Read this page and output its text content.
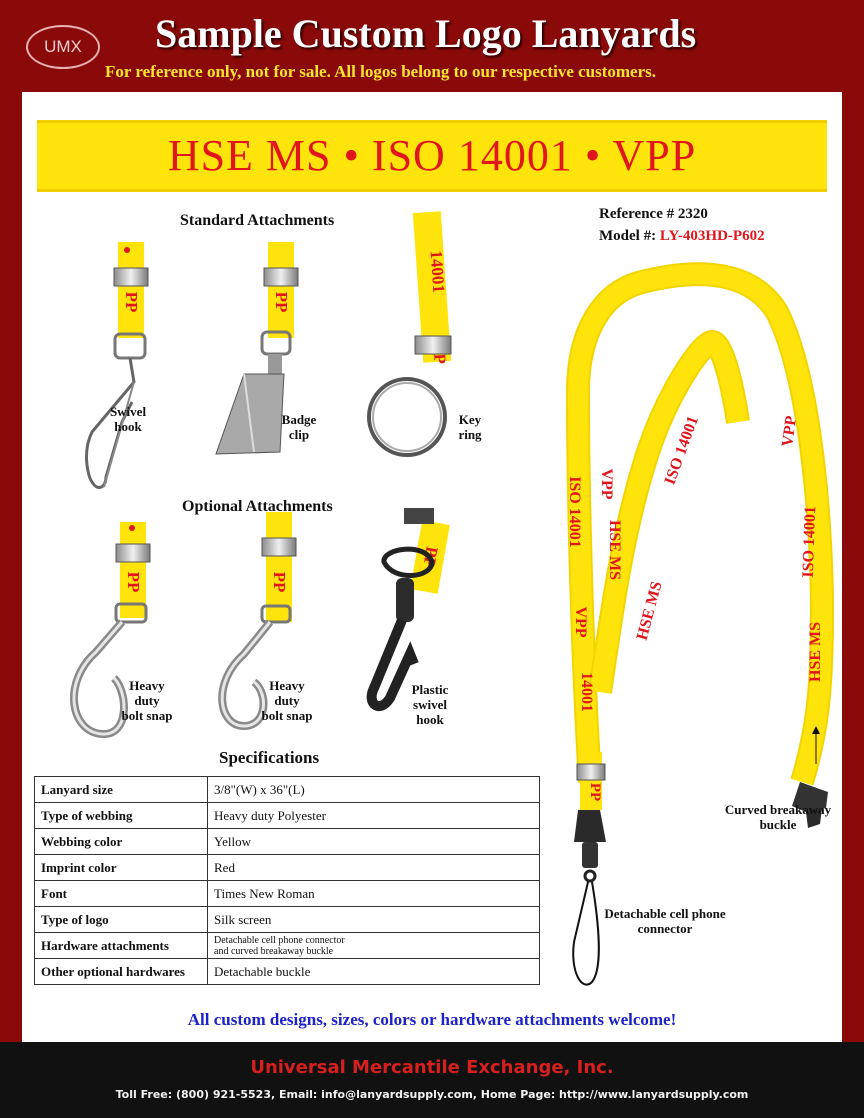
UMX	Sample Custom Logo Lanyards
For reference only, not for sale. All logos belong to our respective customers.
HSE MS • ISO 14001 • VPP
PP	PP
14001
PP	PP
PP
ISO 14001
VPP
14001
VPP
HSE MS
HSE MS
ISO 14001	VPP
ISO 14001
HSE MS
PP
Standard Attachments
Swivel
hook	Badge
clip
Key
ring
Optional Attachments
Heavy
duty
bolt snap
Heavy
duty
bolt snap
Plastic
swivel
hook
Reference # 2320
Model #: LY-403HD-P602
Curved breakaway
buckle
Detachable cell phone
connector
Specifications
Lanyard size	3/8"(W) x 36"(L)
Type of webbing	Heavy duty Polyester
Webbing color	Yellow
Imprint color	Red
Font	Times New Roman
Type of logo	Silk screen
Hardware attachments	Detachable cell phone connector
and curved breakaway buckle

Other optional hardwares	Detachable buckle
All custom designs, sizes, colors or hardware attachments welcome!
Universal Mercantile Exchange, Inc.
Toll Free: (800) 921-5523, Email: info@lanyardsupply.com, Home Page: http://www.lanyardsupply.com
